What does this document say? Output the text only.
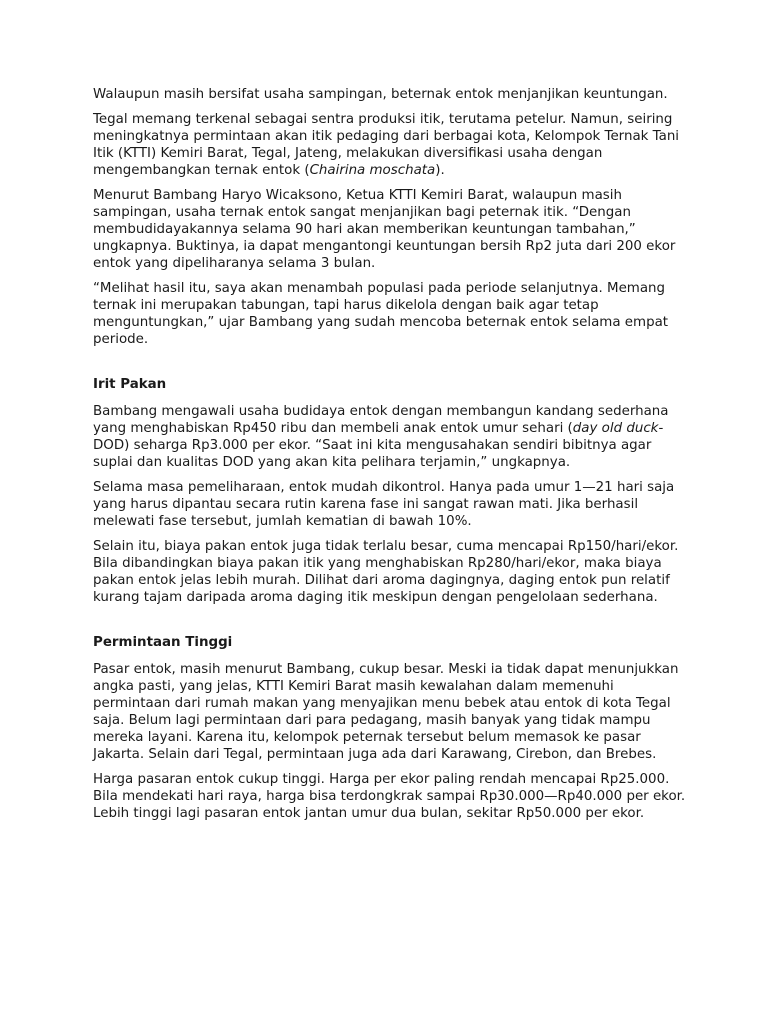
Walaupun masih bersifat usaha sampingan, beternak entok menjanjikan keuntungan.

Tegal memang terkenal sebagai sentra produksi itik, terutama petelur. Namun, seiring meningkatnya permintaan akan itik pedaging dari berbagai kota, Kelompok Ternak Tani Itik (KTTI) Kemiri Barat, Tegal, Jateng, melakukan diversifikasi usaha dengan mengembangkan ternak entok (Chairina moschata).

Menurut Bambang Haryo Wicaksono, Ketua KTTI Kemiri Barat, walaupun masih sampingan, usaha ternak entok sangat menjanjikan bagi peternak itik. “Dengan membudidayakannya selama 90 hari akan memberikan keuntungan tambahan,” ungkapnya. Buktinya, ia dapat mengantongi keuntungan bersih Rp2 juta dari 200 ekor entok yang dipeliharanya selama 3 bulan.

“Melihat hasil itu, saya akan menambah populasi pada periode selanjutnya. Memang ternak ini merupakan tabungan, tapi harus dikelola dengan baik agar tetap menguntungkan,” ujar Bambang yang sudah mencoba beternak entok selama empat periode.

Irit Pakan

Bambang mengawali usaha budidaya entok dengan membangun kandang sederhana yang menghabiskan Rp450 ribu dan membeli anak entok umur sehari (day old duck-DOD) seharga Rp3.000 per ekor. “Saat ini kita mengusahakan sendiri bibitnya agar suplai dan kualitas DOD yang akan kita pelihara terjamin,” ungkapnya.

Selama masa pemeliharaan, entok mudah dikontrol. Hanya pada umur 1—21 hari saja yang harus dipantau secara rutin karena fase ini sangat rawan mati. Jika berhasil melewati fase tersebut, jumlah kematian di bawah 10%.

Selain itu, biaya pakan entok juga tidak terlalu besar, cuma mencapai Rp150/hari/ekor. Bila dibandingkan biaya pakan itik yang menghabiskan Rp280/hari/ekor, maka biaya pakan entok jelas lebih murah. Dilihat dari aroma dagingnya, daging entok pun relatif kurang tajam daripada aroma daging itik meskipun dengan pengelolaan sederhana.

Permintaan Tinggi

Pasar entok, masih menurut Bambang, cukup besar. Meski ia tidak dapat menunjukkan angka pasti, yang jelas, KTTI Kemiri Barat masih kewalahan dalam memenuhi permintaan dari rumah makan yang menyajikan menu bebek atau entok di kota Tegal saja. Belum lagi permintaan dari para pedagang, masih banyak yang tidak mampu mereka layani. Karena itu, kelompok peternak tersebut belum memasok ke pasar Jakarta. Selain dari Tegal, permintaan juga ada dari Karawang, Cirebon, dan Brebes.

Harga pasaran entok cukup tinggi. Harga per ekor paling rendah mencapai Rp25.000. Bila mendekati hari raya, harga bisa terdongkrak sampai Rp30.000—Rp40.000 per ekor. Lebih tinggi lagi pasaran entok jantan umur dua bulan, sekitar Rp50.000 per ekor.
